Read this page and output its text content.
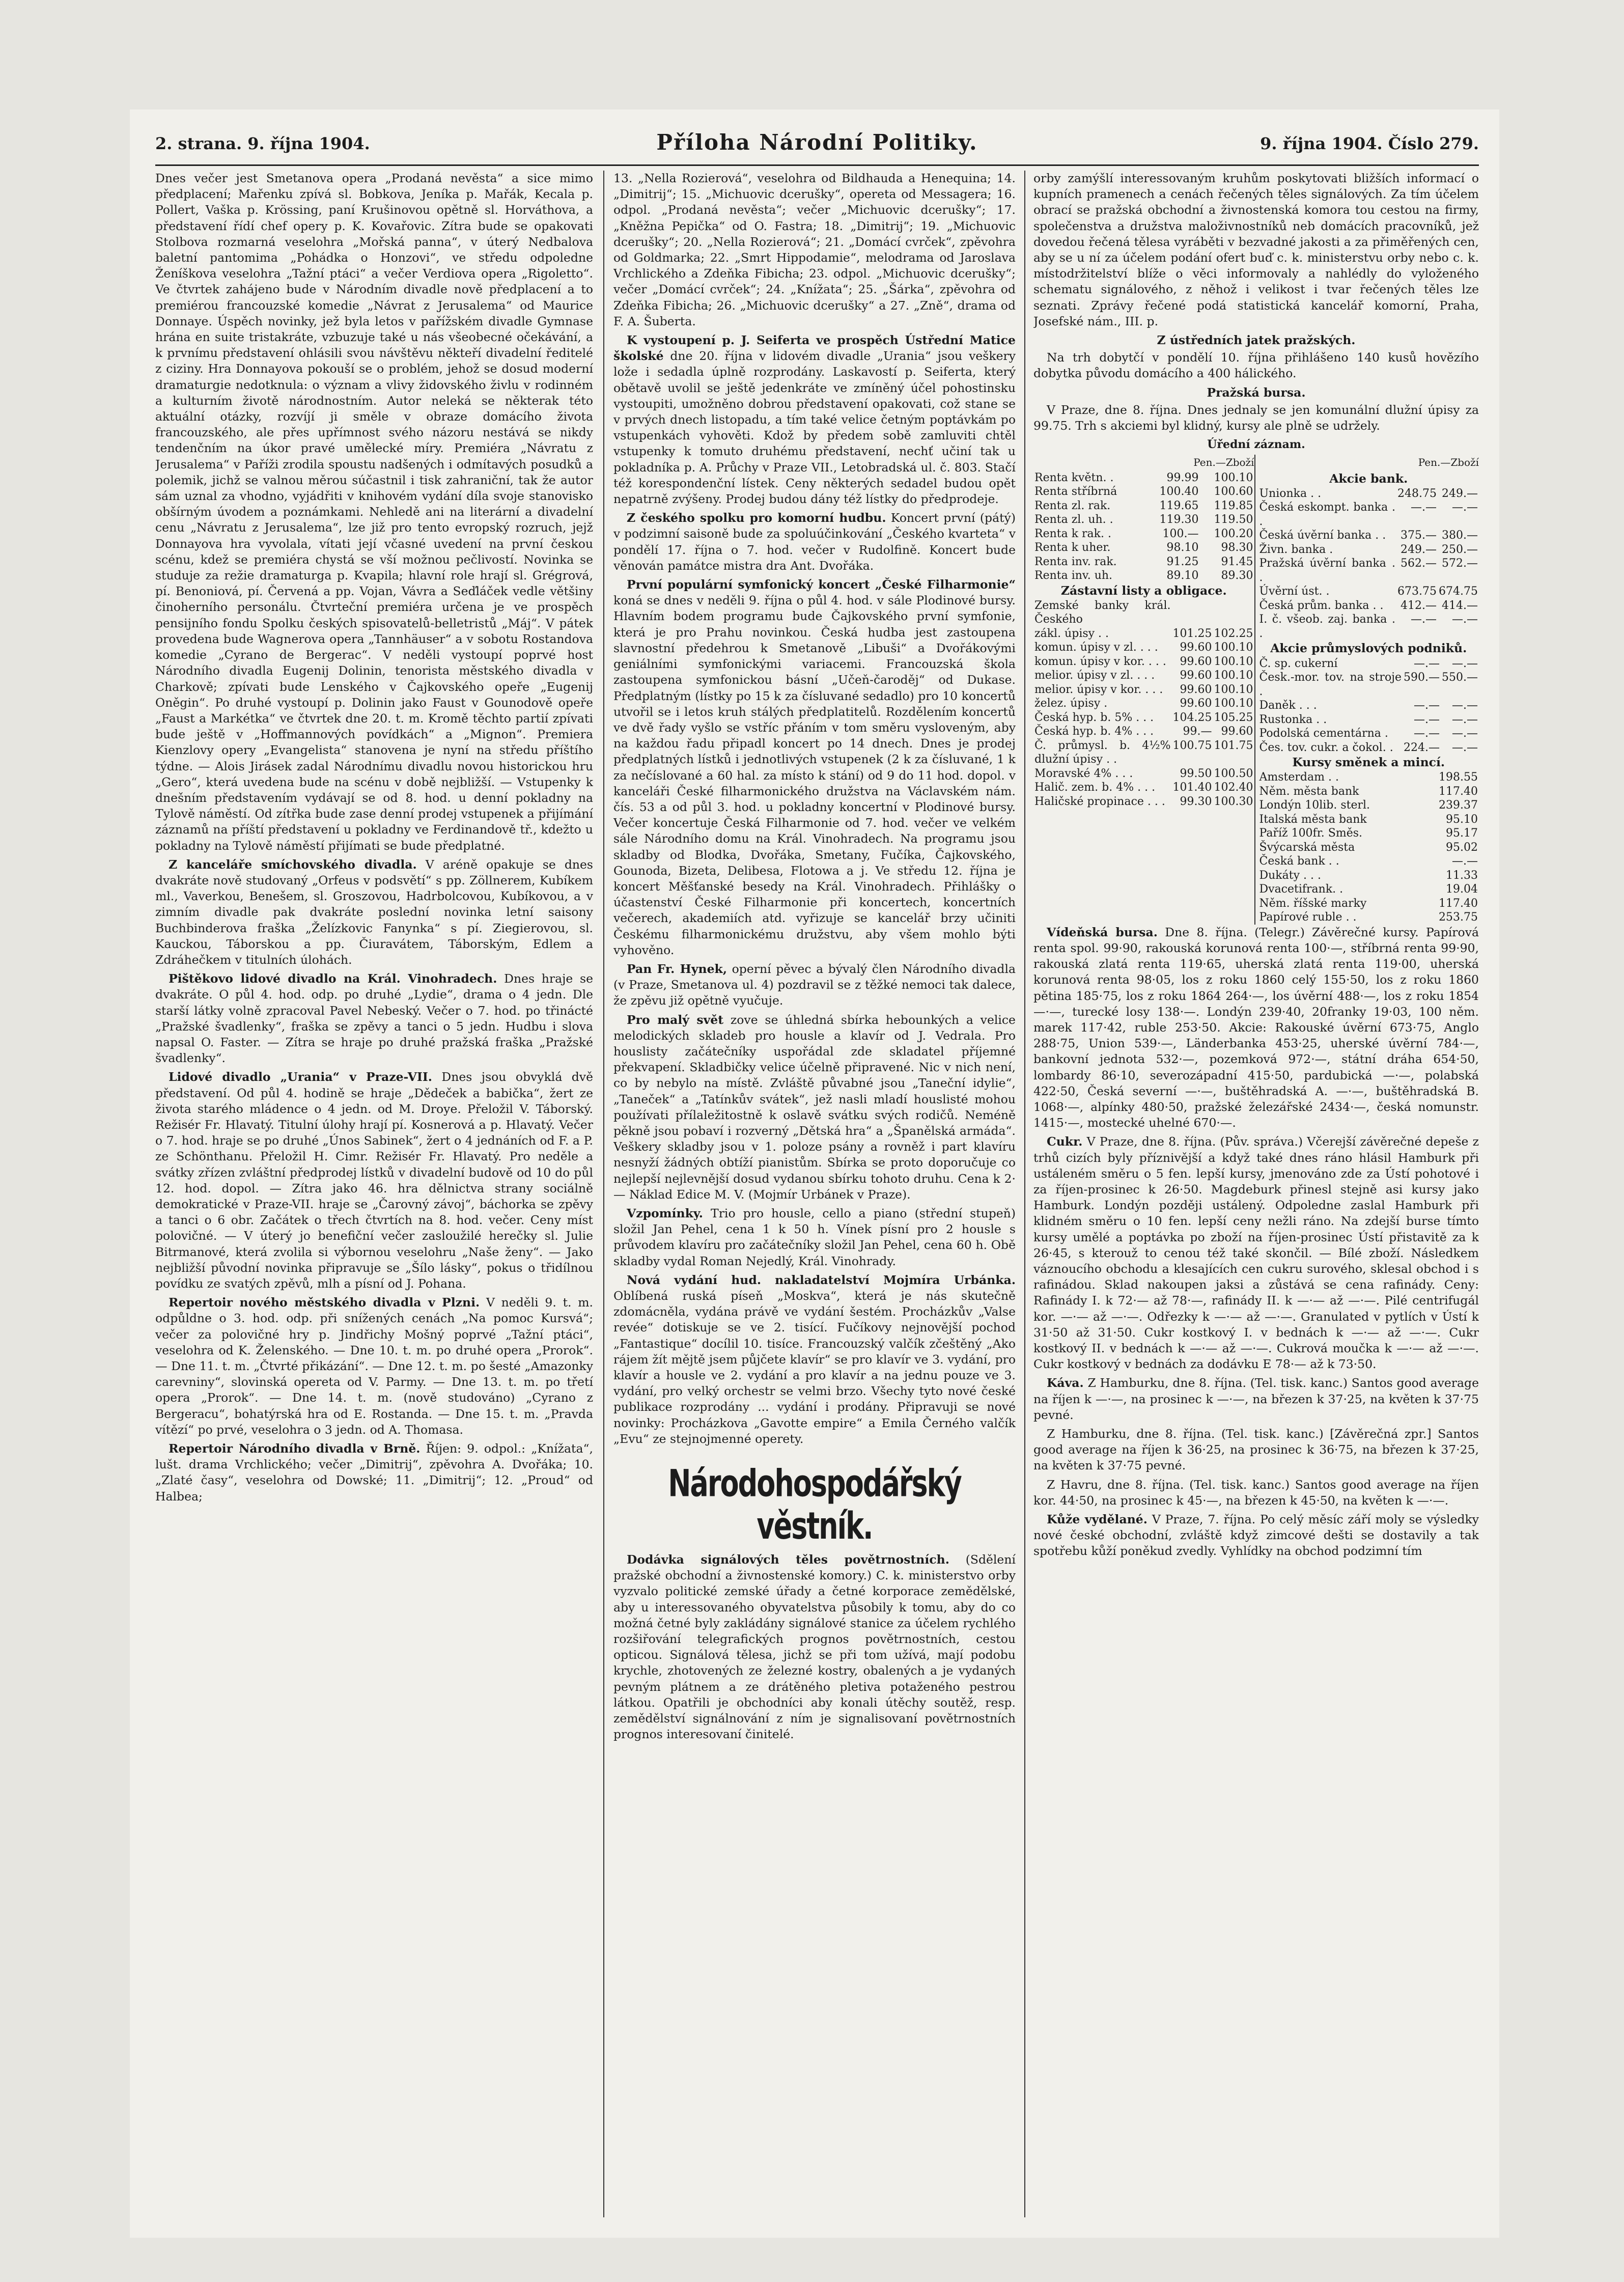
2. strana. 9. října 1904.	Příloha Národní Politiky.	9. října 1904. Číslo 279.

Dnes večer jest Smetanova opera „Prodaná nevěsta“ a sice mimo předplacení; Mařenku zpívá sl. Bobkova, Jeníka p. Mařák, Kecala p. Pollert, Vaška p. Krössing, paní Krušinovou opětně sl. Horváthova, a představení řídí chef opery p. K. Kovařovic. Zítra bude se opakovati Stolbova rozmarná veselohra „Mořská panna“, v úterý Nedbalova baletní pantomima „Pohádka o Honzovi“, ve středu odpoledne Ženíškova veselohra „Tažní ptáci“ a večer Verdiova opera „Rigoletto“. Ve čtvrtek zahájeno bude v Národním divadle nově předplacení a to premiérou francouzské komedie „Návrat z Jerusalema“ od Maurice Donnaye. Úspěch novinky, jež byla letos v pařížském divadle Gymnase hrána en suite tristakráte, vzbuzuje také u nás všeobecné očekávání, a k prvnímu představení ohlásili svou návštěvu někteří divadelní ředitelé z ciziny. Hra Donnayova pokouší se o problém, jehož se dosud moderní dramaturgie nedotknula: o význam a vlivy židovského živlu v rodinném a kulturním životě národnostním. Autor neleká se některak této aktuální otázky, rozvíjí ji směle v obraze domácího života francouzského, ale přes upřímnost svého názoru nestává se nikdy tendenčním na úkor pravé umělecké míry. Premiéra „Návratu z Jerusalema“ v Paříži zrodila spoustu nadšených i odmítavých posudků a polemik, jichž se valnou měrou súčastnil i tisk zahraniční, tak že autor sám uznal za vhodno, vyjádřiti v knihovém vydání díla svoje stanovisko obšírným úvodem a poznámkami. Nehledě ani na literární a divadelní cenu „Návratu z Jerusalema“, lze již pro tento evropský rozruch, jejž Donnayova hra vyvolala, vítati její včasné uvedení na první českou scénu, kdež se premiéra chystá se vší možnou pečlivostí. Novinka se studuje za režie dramaturga p. Kvapila; hlavní role hrají sl. Grégrová, pí. Benoniová, pí. Červená a pp. Vojan, Vávra a Seďláček vedle většiny činoherního personálu. Čtvrteční premiéra určena je ve prospěch pensijního fondu Spolku českých spisovatelů-belletristů „Máj“. V pátek provedena bude Wagnerova opera „Tannhäuser“ a v sobotu Rostandova komedie „Cyrano de Bergerac“. V neděli vystoupí poprvé host Národního divadla Eugenij Dolinin, tenorista městského divadla v Charkově; zpívati bude Lenského v Čajkovského opeře „Eugenij Oněgin“. Po druhé vystoupí p. Dolinin jako Faust v Gounodově opeře „Faust a Markétka“ ve čtvrtek dne 20. t. m. Kromě těchto partií zpívati bude ještě v „Hoffmannových povídkách“ a „Mignon“. Premiera Kienzlovy opery „Evangelista“ stanovena je nyní na středu příštího týdne. — Alois Jirásek zadal Národnímu divadlu novou historickou hru „Gero“, která uvedena bude na scénu v době nejbližší. — Vstupenky k dnešním představením vydávají se od 8. hod. u denní pokladny na Tylově náměstí. Od zítřka bude zase denní prodej vstupenek a přijímání záznamů na příští představení u pokladny ve Ferdinandově tř., kdežto u pokladny na Tylově náměstí přijímati se bude předplatné.

Z kanceláře smíchovského divadla. V aréně opakuje se dnes dvakráte nově studovaný „Orfeus v podsvětí“ s pp. Zöllnerem, Kubíkem ml., Vaverkou, Benešem, sl. Groszovou, Hadrbolcovou, Kubíkovou, a v zimním divadle pak dvakráte poslední novinka letní saisony Buchbinderova fraška „Želízkovic Fanynka“ s pí. Ziegierovou, sl. Kauckou, Táborskou a pp. Čiuravátem, Táborským, Edlem a Zdráhečkem v titulních úlohách.

Pištěkovo lidové divadlo na Král. Vinohradech. Dnes hraje se dvakráte. O půl 4. hod. odp. po druhé „Lydie“, drama o 4 jedn. Dle starší látky volně zpracoval Pavel Nebeský. Večer o 7. hod. po třinácté „Pražské švadlenky“, fraška se zpěvy a tanci o 5 jedn. Hudbu i slova napsal O. Faster. — Zítra se hraje po druhé pražská fraška „Pražské švadlenky“.

Lidové divadlo „Urania“ v Praze-VII. Dnes jsou obvyklá dvě představení. Od půl 4. hodině se hraje „Dědeček a babička“, žert ze života starého mládence o 4 jedn. od M. Droye. Přeložil V. Táborský. Režisér Fr. Hlavatý. Titulní úlohy hrají pí. Kosnerová a p. Hlavatý. Večer o 7. hod. hraje se po druhé „Únos Sabinek“, žert o 4 jednáních od F. a P. ze Schönthanu. Přeložil H. Cimr. Režisér Fr. Hlavatý. Pro neděle a svátky zřízen zvláštní předprodej lístků v divadelní budově od 10 do půl 12. hod. dopol. — Zítra jako 46. hra dělnictva strany sociálně demokratické v Praze-VII. hraje se „Čarovný závoj“, báchorka se zpěvy a tanci o 6 obr. Začátek o třech čtvrtích na 8. hod. večer. Ceny míst polovičné. — V úterý jo benefiční večer zasloužilé herečky sl. Julie Bitrmanové, která zvolila si výbornou veselohru „Naše ženy“. — Jako nejbližší původní novinka připravuje se „Šílo lásky“, pokus o třidílnou povídku ze svatých zpěvů, mlh a písní od J. Pohana.

Repertoir nového městského divadla v Plzni. V neděli 9. t. m. odpůldne o 3. hod. odp. při snížených cenách „Na pomoc Kursvá“; večer za polovičné hry p. Jindřichy Mošný poprvé „Tažní ptáci“, veselohra od K. Želenského. — Dne 10. t. m. po druhé opera „Prorok“. — Dne 11. t. m. „Čtvrté přikázání“. — Dne 12. t. m. po šesté „Amazonky carevniny“, slovinská opereta od V. Parmy. — Dne 13. t. m. po třetí opera „Prorok“. — Dne 14. t. m. (nově studováno) „Cyrano z Bergeracu“, bohatýrská hra od E. Rostanda. — Dne 15. t. m. „Pravda vítězí“ po prvé, veselohra o 3 jedn. od A. Thomasa.

Repertoir Národního divadla v Brně. Říjen: 9. odpol.: „Knížata“, lušt. drama Vrchlického; večer „Dimitrij“, zpěvohra A. Dvořáka; 10. „Zlaté časy“, veselohra od Dowské; 11. „Dimitrij“; 12. „Proud“ od Halbea;

13. „Nella Rozierová“, veselohra od Bildhauda a Henequina; 14. „Dimitrij“; 15. „Michuovic dcerušky“, opereta od Messagera; 16. odpol. „Prodaná nevěsta“; večer „Michuovic dcerušky“; 17. „Kněžna Pepička“ od O. Fastra; 18. „Dimitrij“; 19. „Michuovic dcerušky“; 20. „Nella Rozierová“; 21. „Domácí cvrček“, zpěvohra od Goldmarka; 22. „Smrt Hippodamie“, melodrama od Jaroslava Vrchlického a Zdeňka Fibicha; 23. odpol. „Michuovic dcerušky“; večer „Domácí cvrček“; 24. „Knížata“; 25. „Šárka“, zpěvohra od Zdeňka Fibicha; 26. „Michuovic dcerušky“ a 27. „Zně“, drama od F. A. Šuberta.

K vystoupení p. J. Seiferta ve prospěch Ústřední Matice školské dne 20. října v lidovém divadle „Urania“ jsou veškery lože i sedadla úplně rozprodány. Laskavostí p. Seiferta, který obětavě uvolil se ještě jedenkráte ve zmíněný účel pohostinsku vystoupiti, umožněno dobrou představení opakovati, což stane se v prvých dnech listopadu, a tím také velice četným poptávkám po vstupenkách vyhověti. Kdož by předem sobě zamluviti chtěl vstupenky k tomuto druhému představení, nechť učiní tak u pokladníka p. A. Průchy v Praze VII., Letobradská ul. č. 803. Stačí též korespondenční lístek. Ceny některých sedadel budou opět nepatrně zvýšeny. Prodej budou dány též lístky do předprodeje.

Z českého spolku pro komorní hudbu. Koncert první (pátý) v podzimní saisoně bude za spoluúčinkování „Českého kvarteta“ v pondělí 17. října o 7. hod. večer v Rudolfině. Koncert bude věnován památce mistra dra Ant. Dvořáka.

První populární symfonický koncert „České Filharmonie“ koná se dnes v neděli 9. října o půl 4. hod. v sále Plodinové bursy. Hlavním bodem programu bude Čajkovského první symfonie, která je pro Prahu novinkou. Česká hudba jest zastoupena slavnostní předehrou k Smetanově „Libuši“ a Dvořákovými geniálními symfonickými variacemi. Francouzská škola zastoupena symfonickou básní „Učeň-čaroděj“ od Dukase. Předplatným (lístky po 15 k za čísluvané sedadlo) pro 10 koncertů utvořil se i letos kruh stálých předplatitelů. Rozdělením koncertů ve dvě řady vyšlo se vstříc přáním v tom směru vysloveným, aby na každou řadu připadl koncert po 14 dnech. Dnes je prodej předplatných lístků i jednotlivých vstupenek (2 k za čísluvané, 1 k za nečíslované a 60 hal. za místo k stání) od 9 do 11 hod. dopol. v kanceláři České filharmonického družstva na Václavském nám. čís. 53 a od půl 3. hod. u pokladny koncertní v Plodinové bursy. Večer koncertuje Česká Filharmonie od 7. hod. večer ve velkém sále Národního domu na Král. Vinohradech. Na programu jsou skladby od Blodka, Dvořáka, Smetany, Fučíka, Čajkovského, Gounoda, Bizeta, Delibesa, Flotowa a j. Ve středu 12. října je koncert Měšťanské besedy na Král. Vinohradech. Přihlášky o účastenství České Filharmonie při koncertech, koncertních večerech, akademiích atd. vyřizuje se kancelář brzy učiniti Českému filharmonickému družstvu, aby všem mohlo býti vyhověno.

Pan Fr. Hynek, operní pěvec a bývalý člen Národního divadla (v Praze, Smetanova ul. 4) pozdravil se z těžké nemoci tak dalece, že zpěvu již opětně vyučuje.

Pro malý svět zove se úhledná sbírka hebounkých a velice melodických skladeb pro housle a klavír od J. Vedrala. Pro houslisty začátečníky uspořádal zde skladatel příjemné překvapení. Skladbičky velice účelně připravené. Nic v nich není, co by nebylo na místě. Zvláště půvabné jsou „Taneční idylie“, „Taneček“ a „Tatínkův svátek“, jež nasli mladí houslisté mohou používati přílaležitostně k oslavě svátku svých rodičů. Neméně pěkně jsou pobaví i rozverný „Dětská hra“ a „Španělská armáda“. Veškery skladby jsou v 1. poloze psány a rovněž i part klavíru nesnyží žádných obtíží pianistům. Sbírka se proto doporučuje co nejlepší nejlevnější dosud vydanou sbírku tohoto druhu. Cena k 2·— Náklad Edice M. V. (Mojmír Urbánek v Praze).

Vzpomínky. Trio pro housle, cello a piano (střední stupeň) složil Jan Pehel, cena 1 k 50 h. Vínek písní pro 2 housle s průvodem klavíru pro začátečníky složil Jan Pehel, cena 60 h. Obě skladby vydal Roman Nejedlý, Král. Vinohrady.

Nová vydání hud. nakladatelství Mojmíra Urbánka. Oblíbená ruská píseň „Moskva“, která je nás skutečně zdomácněla, vydána právě ve vydání šestém. Procházkův „Valse revée“ dotiskuje se ve 2. tisící. Fučíkovy nejnovější pochod „Fantastique“ docílil 10. tisíce. Francouzský valčík zčeštěný „Ako rájem žít mějtě jsem půjčete klavír“ se pro klavír ve 3. vydání, pro klavír a housle ve 2. vydání a pro klavír a na jednu pouze ve 3. vydání, pro velký orchestr se velmi brzo. Všechy tyto nové české publikace rozprodány ... vydání i prodány. Připravuji se nové novinky: Procházkova „Gavotte empire“ a Emila Černého valčík „Evu“ ze stejnojmenné operety.

Národohospodářský věstník.

Dodávka signálových těles povětrnostních. (Sdělení pražské obchodní a živnostenské komory.) C. k. ministerstvo orby vyzvalo politické zemské úřady a četné korporace zemědělské, aby u interessovaného obyvatelstva působily k tomu, aby do co možná četné byly zakládány signálové stanice za účelem rychlého rozšiřování telegrafických prognos povětrnostních, cestou opticou. Signálová tělesa, jichž se při tom užívá, mají podobu krychle, zhotovených ze železné kostry, obalených a je vydaných pevným plátnem a ze drátěného pletiva potaženého pestrou látkou. Opatřili je obchodníci aby konali útěchy soutěž, resp. zemědělství signálnování z ním je signalisovaní povětrnostních prognos interesovaní činitelé.

orby zamýšlí interessovaným kruhům poskytovati bližších informací o kupních pramenech a cenách řečených těles signálových. Za tím účelem obrací se pražská obchodní a živnostenská komora tou cestou na firmy, společenstva a družstva maloživnostníků neb domácích pracovníků, jež dovedou řečená tělesa vyráběti v bezvadné jakosti a za přiměřených cen, aby se u ní za účelem podání ofert buď c. k. ministerstvu orby nebo c. k. místodržitelství blíže o věci informovaly a nahlédly do vyloženého schematu signálového, z něhož i velikost i tvar řečených těles lze seznati. Zprávy řečené podá statistická kancelář komorní, Praha, Josefské nám., III. p.

Z ústředních jatek pražských.

Na trh dobytčí v pondělí 10. října přihlášeno 140 kusů hovězího dobytka původu domácího a 400 hálického.

Pražská bursa.

V Praze, dne 8. října. Dnes jednaly se jen komunální dlužní úpisy za 99.75. Trh s akciemi byl klidný, kursy ale plně se udržely.

Úřední záznam.
Pen.—Zboží
Renta květn. .	99.99	100.10
Renta stříbrná	100.40	100.60
Renta zl. rak.	119.65	119.85
Renta zl. uh. .	119.30	119.50
Renta k rak. .	100.—	100.20
Renta k uher.	98.10	98.30
Renta inv. rak.	91.25	91.45
Renta inv. uh.	89.10	89.30
Zástavní listy a obligace.
Zemské banky král. Českého		
zákl. úpisy . .	101.25	102.25
komun. úpisy v zl. . . .	99.60	100.10
komun. úpisy v kor. . . .	99.60	100.10
melior. úpisy v zl. . . .	99.60	100.10
melior. úpisy v kor. . . .	99.60	100.10
želez. úpisy .	99.60	100.10
Česká hyp. b. 5% . . .	104.25	105.25
Česká hyp. b. 4% . . .	99.—	99.60
Č. průmysl. b. 4½% dlužní úpisy . .	100.75	101.75
Moravské 4% . . .	99.50	100.50
Halič. zem. b. 4% . . .	101.40	102.40
Haličské propinace . . .	99.30	100.30
Pen.—Zboží
Akcie bank.
Unionka . .	248.75	249.—
Česká eskompt. banka . .	—.—	—.—
Česká úvěrní banka . .	375.—	380.—
Živn. banka .	249.—	250.—
Pražská úvěrní banka . .	562.—	572.—
Úvěrní úst. .	673.75	674.75
Česká prům. banka . .	412.—	414.—
I. č. všeob. zaj. banka . .	—.—	—.—
Akcie průmyslových podniků.
Č. sp. cukerní	—.—	—.—
Česk.-mor. tov. na stroje .	590.—	550.—
Daněk . . .	—.—	—.—
Rustonka . .	—.—	—.—
Podolská cementárna .	—.—	—.—
Čes. tov. cukr. a čokol. .	224.—	—.—
Kursy směnek a mincí.
Amsterdam . .	198.55
Něm. města bank	117.40
Londýn 10lib. sterl.	239.37
Italská města bank	95.10
Paříž 100fr. Směs.	95.17
Švýcarská města	95.02
Česká bank . .	—.—
Dukáty . . .	11.33
Dvacetifrank. .	19.04
Něm. říšské marky	117.40
Papírové ruble . .	253.75

Vídeňská bursa. Dne 8. října. (Telegr.) Závěrečné kursy. Papírová renta spol. 99·90, rakouská korunová renta 100·—, stříbrná renta 99·90, rakouská zlatá renta 119·65, uherská zlatá renta 119·00, uherská korunová renta 98·05, los z roku 1860 celý 155·50, los z roku 1860 pětina 185·75, los z roku 1864 264·—, los úvěrní 488·—, los z roku 1854 —·—, turecké losy 138·—. Londýn 239·40, 20franky 19·03, 100 něm. marek 117·42, ruble 253·50. Akcie: Rakouské úvěrní 673·75, Anglo 288·75, Union 539·—, Länderbanka 453·25, uherské úvěrní 784·—, bankovní jednota 532·—, pozemková 972·—, státní dráha 654·50, lombardy 86·10, severozápadní 415·50, pardubická —·—, polabská 422·50, Česká severní —·—, buštěhradská A. —·—, buštěhradská B. 1068·—, alpínky 480·50, pražské železářské 2434·—, česká nomunstr. 1415·—, mostecké uhelné 670·—.

Cukr. V Praze, dne 8. října. (Pův. správa.) Včerejší závěrečné depeše z trhů cizích byly příznivější a když také dnes ráno hlásil Hamburk při ustáleném směru o 5 fen. lepší kursy, jmenováno zde za Ústí pohotové i za říjen-prosinec k 26·50. Magdeburk přinesl stejně asi kursy jako Hamburk. Londýn později ustálený. Odpoledne zaslal Hamburk při klidném směru o 10 fen. lepší ceny nežli ráno. Na zdejší burse tímto kursy umělé a poptávka po zboží na říjen-prosinec Ústí přistavitě za k 26·45, s kterouž to cenou též také skončil. — Bílé zboží. Následkem váznoucího obchodu a klesajících cen cukru surového, sklesal obchod i s rafinádou. Sklad nakoupen jaksi a zůstává se cena rafinády. Ceny: Rafinády I. k 72·— až 78·—, rafinády II. k —·— až —·—. Pilé centrifugál kor. —·— až —·—. Odřezky k —·— až —·—. Granulated v pytlích v Ústí k 31·50 až 31·50. Cukr kostkový I. v bednách k —·— až —·—. Cukr kostkový II. v bednách k —·— až —·—. Cukrová moučka k —·— až —·—. Cukr kostkový v bednách za dodávku E 78·— až k 73·50.

Káva. Z Hamburku, dne 8. října. (Tel. tisk. kanc.) Santos good average na říjen k —·—, na prosinec k —·—, na březen k 37·25, na květen k 37·75 pevné.

Z Hamburku, dne 8. října. (Tel. tisk. kanc.) [Závěrečná zpr.] Santos good average na říjen k 36·25, na prosinec k 36·75, na březen k 37·25, na květen k 37·75 pevné.

Z Havru, dne 8. října. (Tel. tisk. kanc.) Santos good average na říjen kor. 44·50, na prosinec k 45·—, na březen k 45·50, na květen k —·—.

Kůže vydělané. V Praze, 7. října. Po celý měsíc září moly se výsledky nové české obchodní, zvláště když zimcové dešti se dostavily a tak spotřebu kůží poněkud zvedly. Vyhlídky na obchod podzimní tím
